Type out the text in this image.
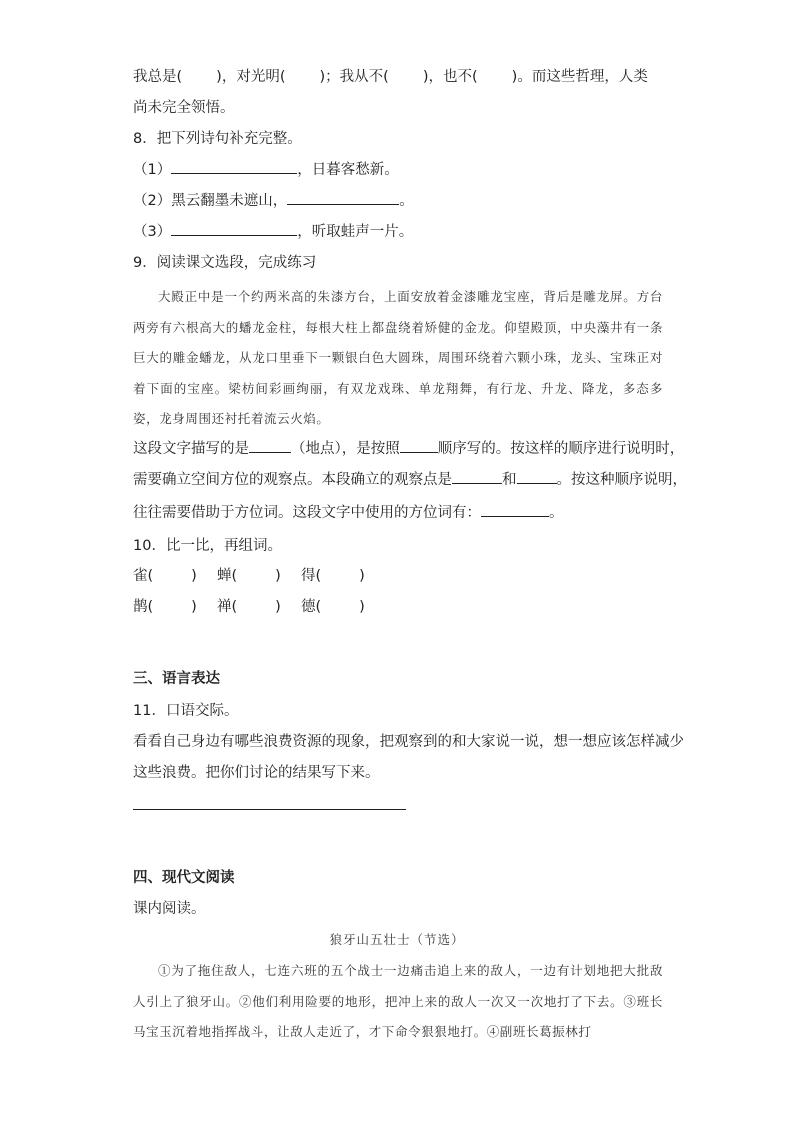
我总是( )，对光明( )；我从不( )，也不( )。而这些哲理，人类
尚未完全领悟。
8．把下列诗句补充完整。
（1）	，日暮客愁新。
（2）黑云翻墨未遮山，	。
（3）	，听取蛙声一片。
9．阅读课文选段，完成练习

大殿正中是一个约两米高的朱漆方台，上面安放着金漆雕龙宝座，背后是雕龙屏。方台两旁有六根高大的蟠龙金柱，每根大柱上都盘绕着矫健的金龙。仰望殿顶，中央藻井有一条巨大的雕金蟠龙，从龙口里垂下一颗银白色大圆珠，周围环绕着六颗小珠，龙头、宝珠正对着下面的宝座。梁枋间彩画绚丽，有双龙戏珠、单龙翔舞，有行龙、升龙、降龙，多态多姿，龙身周围还衬托着流云火焰。

这段文字描写的是	（地点），是按照	顺序写的。按这样的顺序进行说明时，
需要确立空间方位的观察点。本段确立的观察点是	和	。按这种顺序说明，
往往需要借助于方位词。这段文字中使用的方位词有：	。
10．比一比，再组词。
雀(	) 蝉(	) 得(	)
鹊(	) 禅(	) 德(	)
三、语言表达
11．口语交际。
看看自己身边有哪些浪费资源的现象，把观察到的和大家说一说，想一想应该怎样减少
这些浪费。把你们讨论的结果写下来。
四、现代文阅读
课内阅读。
狼牙山五壮士（节选）

①为了拖住敌人，七连六班的五个战士一边痛击追上来的敌人，一边有计划地把大批敌人引上了狼牙山。②他们利用险要的地形，把冲上来的敌人一次又一次地打了下去。③班长马宝玉沉着地指挥战斗，让敌人走近了，才下命令狠狠地打。④副班长葛振林打
